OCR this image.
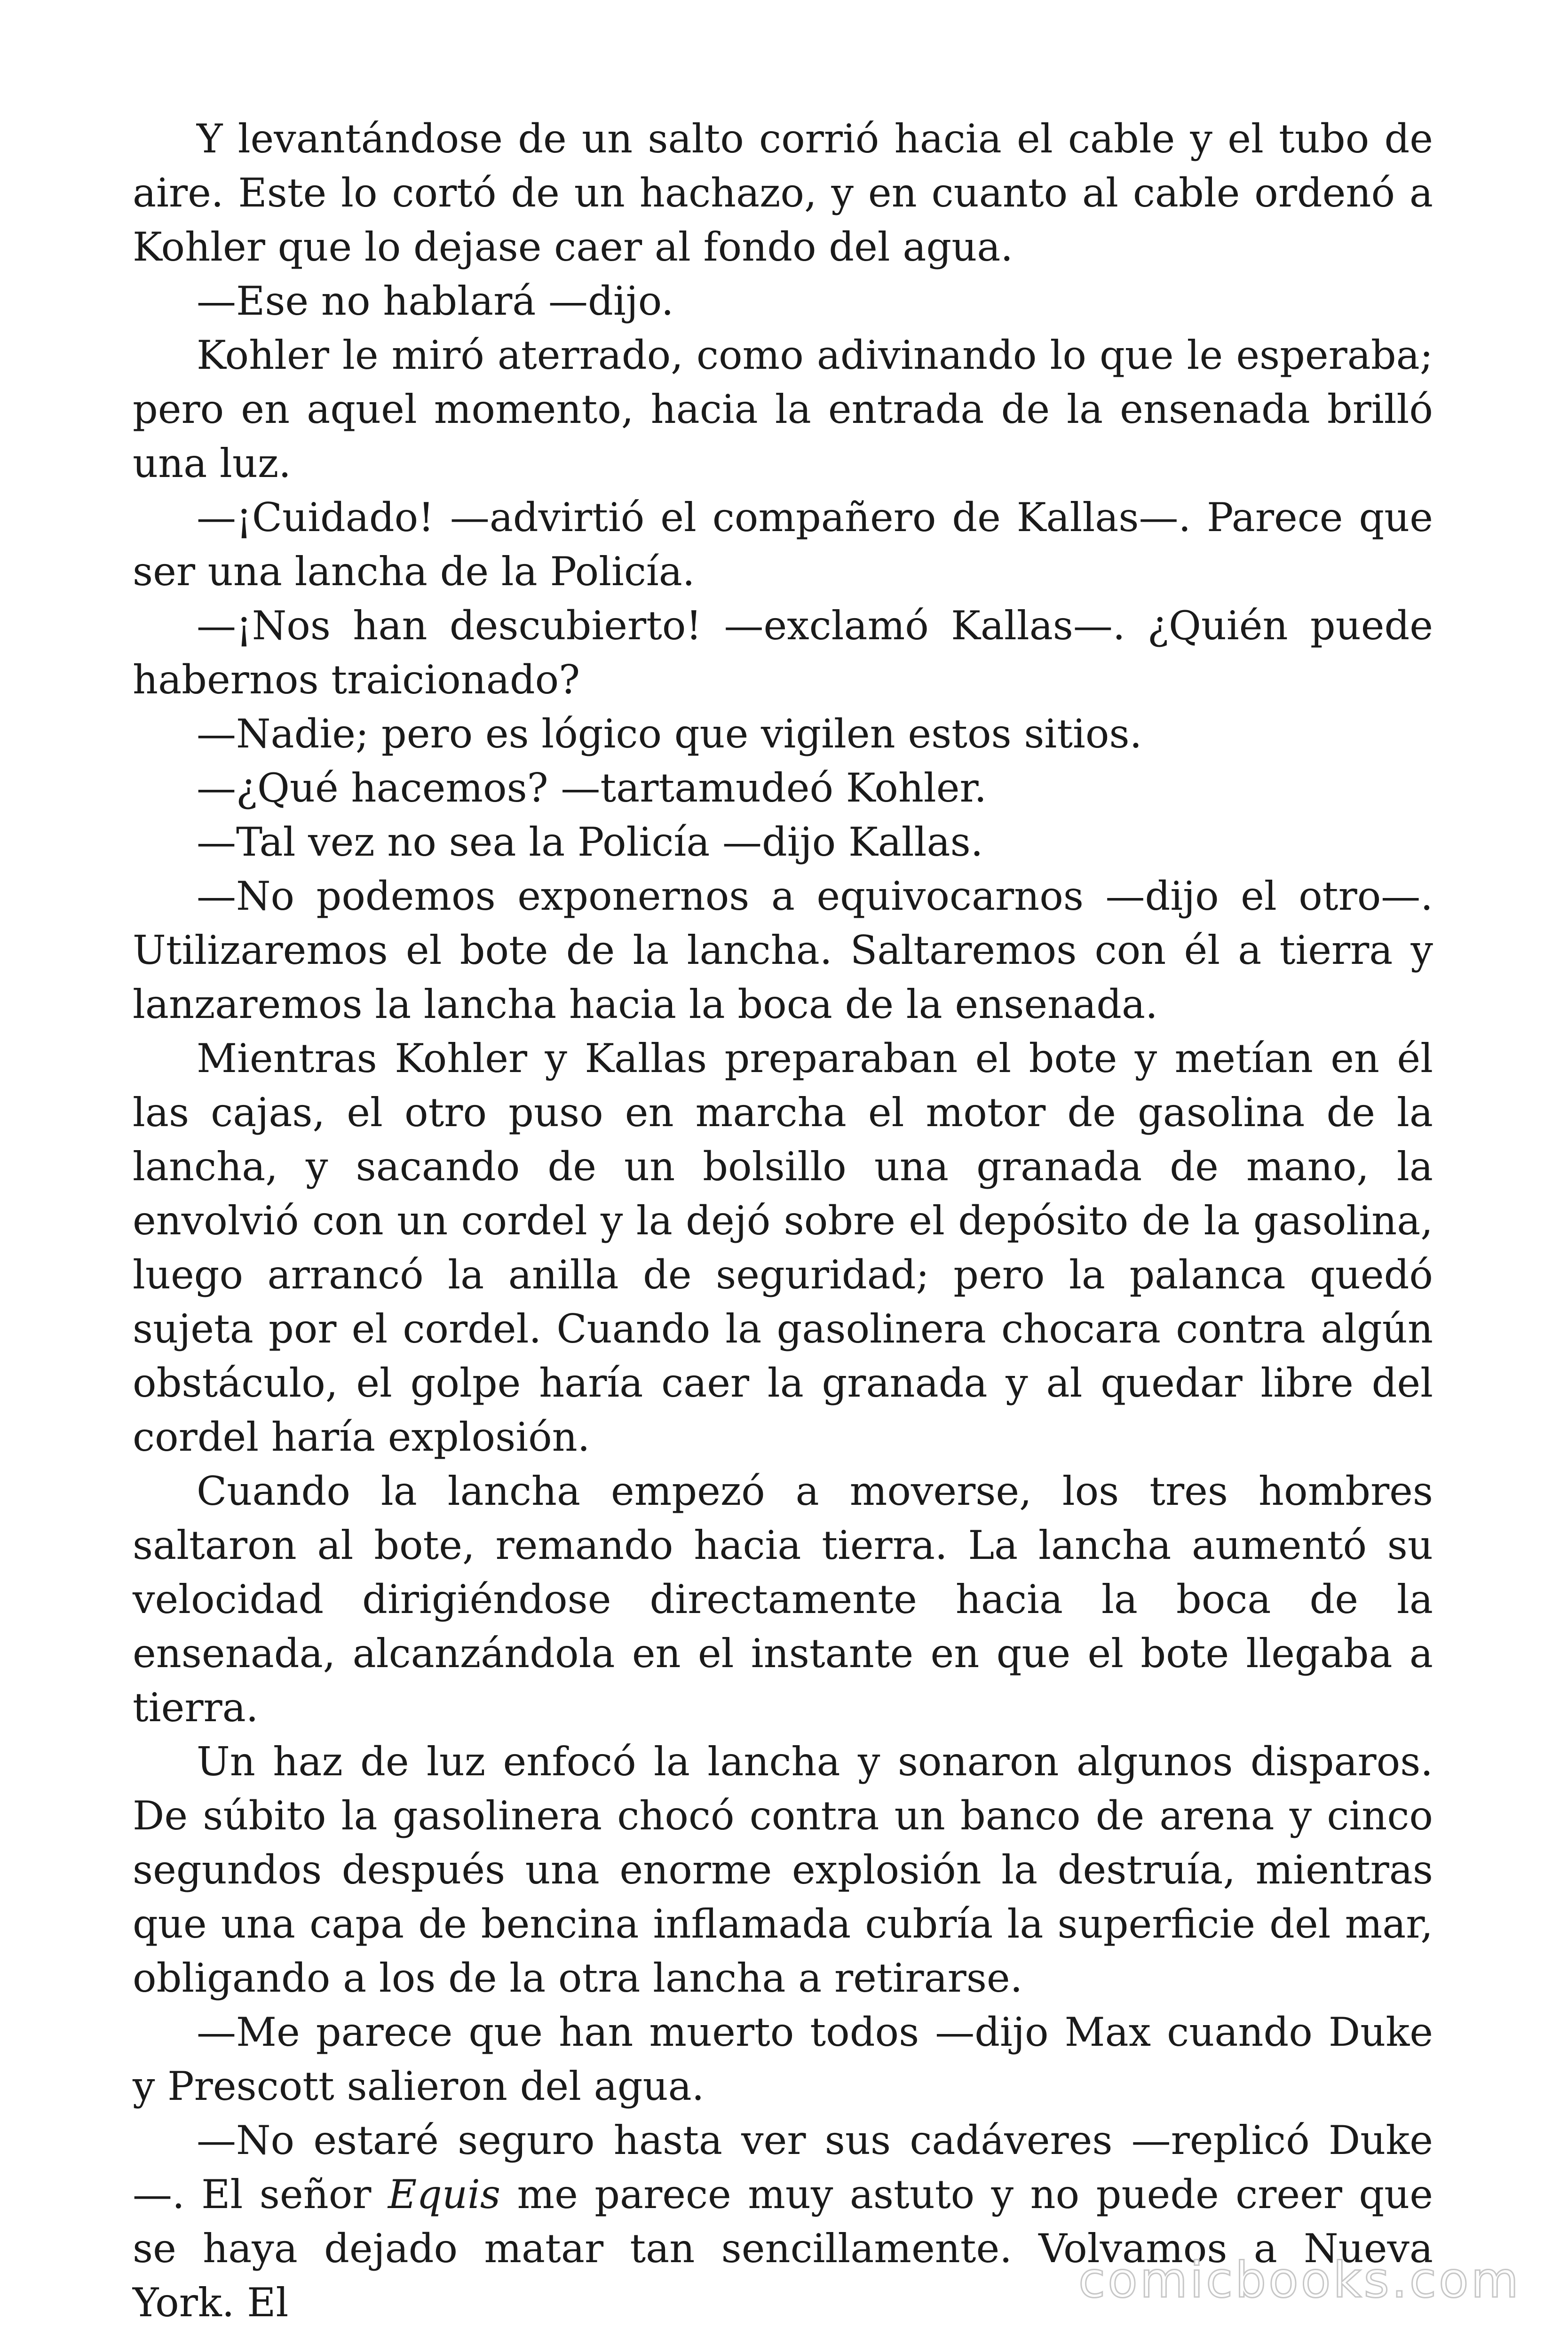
Y levantándose de un salto corrió hacia el cable y el tubo de aire. Este lo cortó de un hachazo, y en cuanto al cable ordenó a Kohler que lo dejase caer al fondo del agua.

—Ese no hablará —dijo.

Kohler le miró aterrado, como adivinando lo que le esperaba; pero en aquel momento, hacia la entrada de la ensenada brilló una luz.

—¡Cuidado! —advirtió el compañero de Kallas—. Parece que ser una lancha de la Policía.

—¡Nos han descubierto! —exclamó Kallas—. ¿Quién puede habernos traicionado?

—Nadie; pero es lógico que vigilen estos sitios.

—¿Qué hacemos? —tartamudeó Kohler.

—Tal vez no sea la Policía —dijo Kallas.

—No podemos exponernos a equivocarnos —dijo el otro—. Utilizaremos el bote de la lancha. Saltaremos con él a tierra y lanzaremos la lancha hacia la boca de la ensenada.

Mientras Kohler y Kallas preparaban el bote y metían en él las cajas, el otro puso en marcha el motor de gasolina de la lancha, y sacando de un bolsillo una granada de mano, la envolvió con un cordel y la dejó sobre el depósito de la gasolina, luego arrancó la anilla de seguridad; pero la palanca quedó sujeta por el cordel. Cuando la gasolinera chocara contra algún obstáculo, el golpe haría caer la granada y al quedar libre del cordel haría explosión.

Cuando la lancha empezó a moverse, los tres hombres saltaron al bote, remando hacia tierra. La lancha aumentó su velocidad dirigiéndose directamente hacia la boca de la ensenada, alcanzándola en el instante en que el bote llegaba a tierra.

Un haz de luz enfocó la lancha y sonaron algunos disparos. De súbito la gasolinera chocó contra un banco de arena y cinco segundos después una enorme explosión la destruía, mientras que una capa de bencina inflamada cubría la superficie del mar, obligando a los de la otra lancha a retirarse.

—Me parece que han muerto todos —dijo Max cuando Duke y Prescott salieron del agua.

—No estaré seguro hasta ver sus cadáveres —replicó Duke—. El señor Equis me parece muy astuto y no puede creer que se haya dejado matar tan sencillamente. Volvamos a Nueva York. El	comicbooks.com
